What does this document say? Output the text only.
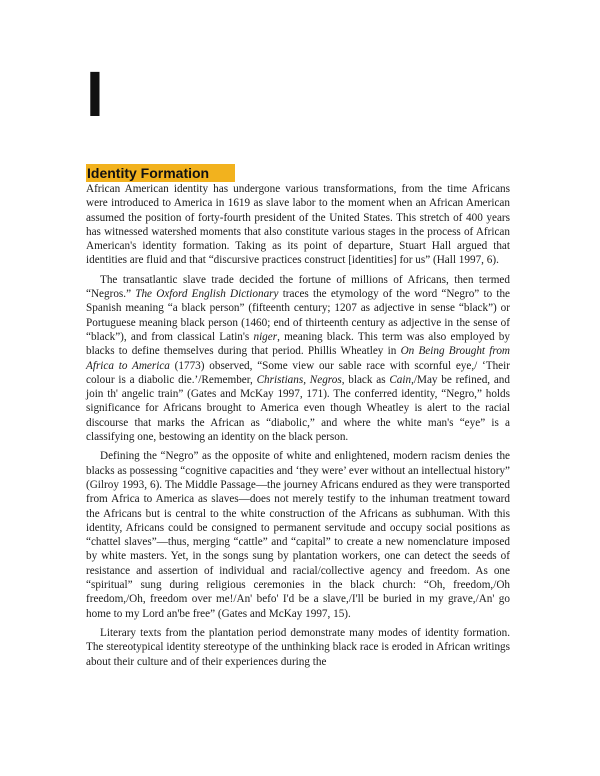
I
Identity Formation

African American identity has undergone various transformations, from the time Africans were introduced to America in 1619 as slave labor to the moment when an African American assumed the position of forty-fourth president of the United States. This stretch of 400 years has witnessed watershed moments that also constitute various stages in the process of African American's identity formation. Taking as its point of departure, Stuart Hall argued that identities are fluid and that “discursive practices construct [identities] for us” (Hall 1997, 6).

The transatlantic slave trade decided the fortune of millions of Africans, then termed “Negros.” The Oxford English Dictionary traces the etymology of the word “Negro” to the Spanish meaning “a black person” (fifteenth century; 1207 as adjective in sense “black”) or Portuguese meaning black person (1460; end of thirteenth century as adjective in the sense of “black”), and from classical Latin's niger, meaning black. This term was also employed by blacks to define themselves during that period. Phillis Wheatley in On Being Brought from Africa to America (1773) observed, “Some view our sable race with scornful eye,/ ‘Their colour is a diabolic die.’/Remember, Christians, Negros, black as Cain,/May be refined, and join th' angelic train” (Gates and McKay 1997, 171). The conferred identity, “Negro,” holds significance for Africans brought to America even though Wheatley is alert to the racial discourse that marks the African as “diabolic,” and where the white man's “eye” is a classifying one, bestowing an identity on the black person.

Defining the “Negro” as the opposite of white and enlightened, modern racism denies the blacks as possessing “cognitive capacities and ‘they were’ ever without an intellectual history” (Gilroy 1993, 6). The Middle Passage—the journey Africans endured as they were transported from Africa to America as slaves—does not merely testify to the inhuman treatment toward the Africans but is central to the white construction of the Africans as subhuman. With this identity, Africans could be consigned to permanent servitude and occupy social positions as “chattel slaves”—thus, merging “cattle” and “capital” to create a new nomenclature imposed by white masters. Yet, in the songs sung by plantation workers, one can detect the seeds of resistance and assertion of individual and racial/collective agency and freedom. As one “spiritual” sung during religious ceremonies in the black church: “Oh, freedom,/Oh freedom,/Oh, freedom over me!/An' befo' I'd be a slave,/I'll be buried in my grave,/An' go home to my Lord an'be free” (Gates and McKay 1997, 15).

Literary texts from the plantation period demonstrate many modes of identity formation. The stereotypical identity stereotype of the unthinking black race is eroded in African writings about their culture and of their experiences during the
